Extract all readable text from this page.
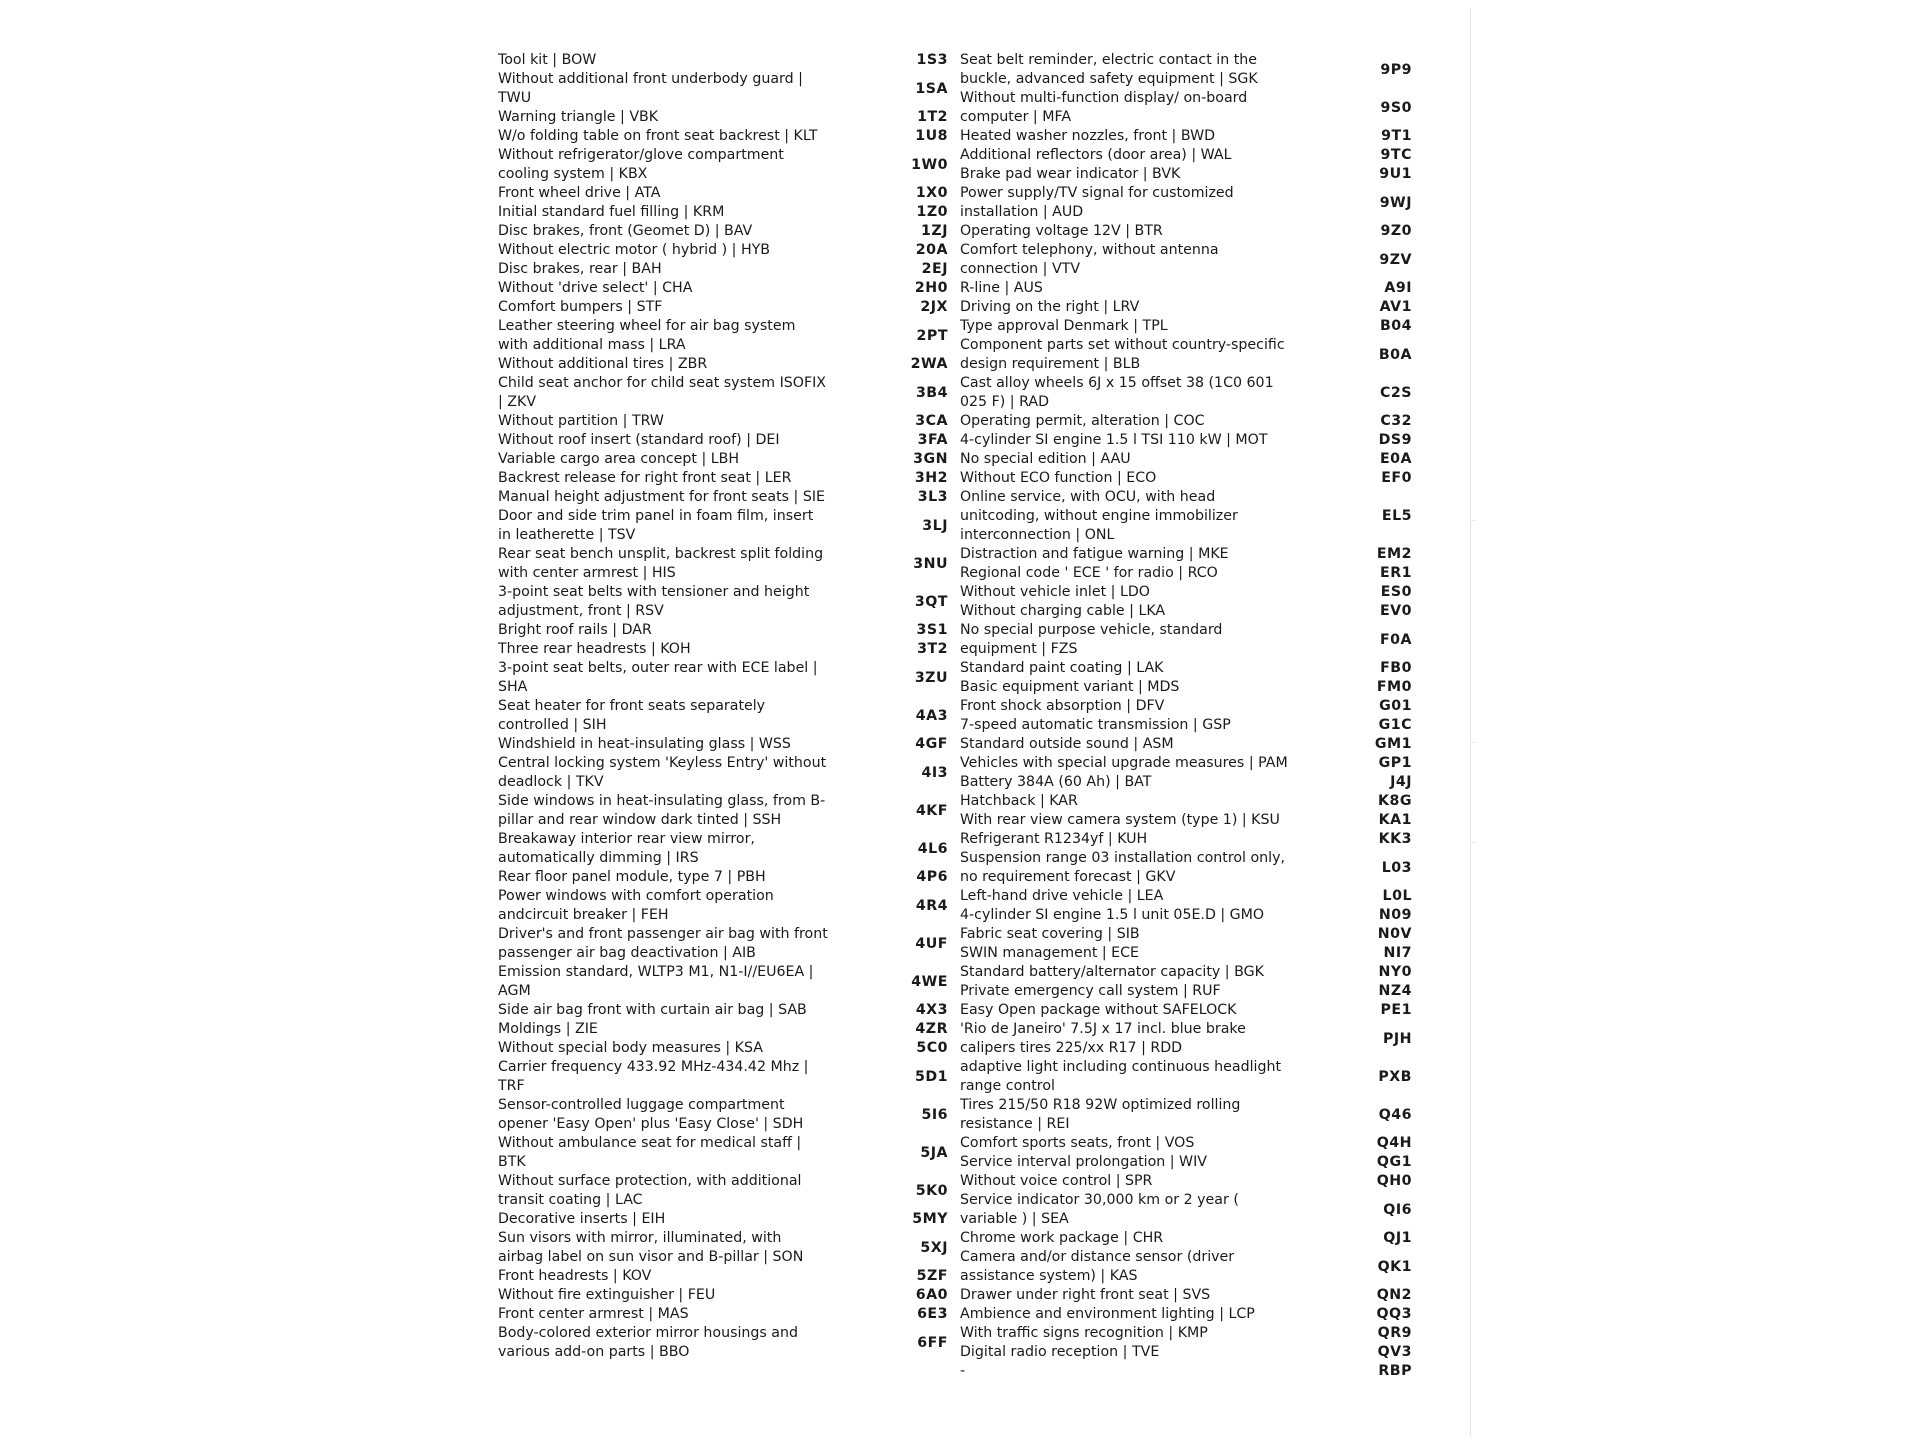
Tool kit | BOW	1S3

Without additional front underbody guard | TWU	1SA

Warning triangle | VBK	1T2

W/o folding table on front seat backrest | KLT	1U8

Without refrigerator/glove compartment cooling system | KBX	1W0

Front wheel drive | ATA	1X0

Initial standard fuel filling | KRM	1Z0

Disc brakes, front (Geomet D) | BAV	1ZJ

Without electric motor ( hybrid ) | HYB	20A

Disc brakes, rear | BAH	2EJ

Without 'drive select' | CHA	2H0

Comfort bumpers | STF	2JX

Leather steering wheel for air bag system with additional mass | LRA	2PT

Without additional tires | ZBR	2WA

Child seat anchor for child seat system ISOFIX | ZKV	3B4

Without partition | TRW	3CA

Without roof insert (standard roof) | DEI	3FA

Variable cargo area concept | LBH	3GN

Backrest release for right front seat | LER	3H2

Manual height adjustment for front seats | SIE	3L3

Door and side trim panel in foam film, insert in leatherette | TSV	3LJ

Rear seat bench unsplit, backrest split folding with center armrest | HIS	3NU

3-point seat belts with tensioner and height adjustment, front | RSV	3QT

Bright roof rails | DAR	3S1

Three rear headrests | KOH	3T2

3-point seat belts, outer rear with ECE label | SHA	3ZU

Seat heater for front seats separately controlled | SIH	4A3

Windshield in heat-insulating glass | WSS	4GF

Central locking system 'Keyless Entry' without deadlock | TKV	4I3

Side windows in heat-insulating glass, from B-pillar and rear window dark tinted | SSH	4KF

Breakaway interior rear view mirror, automatically dimming | IRS	4L6

Rear floor panel module, type 7 | PBH	4P6

Power windows with comfort operation andcircuit breaker | FEH	4R4

Driver's and front passenger air bag with front passenger air bag deactivation | AIB	4UF

Emission standard, WLTP3 M1, N1-I//EU6EA | AGM	4WE

Side air bag front with curtain air bag | SAB	4X3

Moldings | ZIE	4ZR

Without special body measures | KSA	5C0

Carrier frequency 433.92 MHz-434.42 Mhz | TRF	5D1

Sensor-controlled luggage compartment opener 'Easy Open' plus 'Easy Close' | SDH	5I6

Without ambulance seat for medical staff | BTK	5JA

Without surface protection, with additional transit coating | LAC	5K0

Decorative inserts | EIH	5MY

Sun visors with mirror, illuminated, with airbag label on sun visor and B-pillar | SON	5XJ

Front headrests | KOV	5ZF

Without fire extinguisher | FEU	6A0

Front center armrest | MAS	6E3

Body-colored exterior mirror housings and various add-on parts | BBO	6FF
Seat belt reminder, electric contact in the buckle, advanced safety equipment | SGK	9P9

Without multi-function display/ on-board computer | MFA	9S0

Heated washer nozzles, front | BWD	9T1

Additional reflectors (door area) | WAL	9TC

Brake pad wear indicator | BVK	9U1

Power supply/TV signal for customized installation | AUD	9WJ

Operating voltage 12V | BTR	9Z0

Comfort telephony, without antenna connection | VTV	9ZV

R-line | AUS	A9I

Driving on the right | LRV	AV1

Type approval Denmark | TPL	B04

Component parts set without country-specific design requirement | BLB	B0A

Cast alloy wheels 6J x 15 offset 38 (1C0 601 025 F) | RAD	C2S

Operating permit, alteration | COC	C32

4-cylinder SI engine 1.5 l TSI 110 kW | MOT	DS9

No special edition | AAU	E0A

Without ECO function | ECO	EF0

Online service, with OCU, with head unitcoding, without engine immobilizer interconnection | ONL	EL5

Distraction and fatigue warning | MKE	EM2

Regional code ' ECE ' for radio | RCO	ER1

Without vehicle inlet | LDO	ES0

Without charging cable | LKA	EV0

No special purpose vehicle, standard equipment | FZS	F0A

Standard paint coating | LAK	FB0

Basic equipment variant | MDS	FM0

Front shock absorption | DFV	G01

7-speed automatic transmission | GSP	G1C

Standard outside sound | ASM	GM1

Vehicles with special upgrade measures | PAM	GP1

Battery 384A (60 Ah) | BAT	J4J

Hatchback | KAR	K8G

With rear view camera system (type 1) | KSU	KA1

Refrigerant R1234yf | KUH	KK3

Suspension range 03 installation control only, no requirement forecast | GKV	L03

Left-hand drive vehicle | LEA	L0L

4-cylinder SI engine 1.5 l unit 05E.D | GMO	N09

Fabric seat covering | SIB	N0V

SWIN management | ECE	NI7

Standard battery/alternator capacity | BGK	NY0

Private emergency call system | RUF	NZ4

Easy Open package without SAFELOCK	PE1

'Rio de Janeiro' 7.5J x 17 incl. blue brake calipers tires 225/xx R17 | RDD	PJH

adaptive light including continuous headlight range control	PXB

Tires 215/50 R18 92W optimized rolling resistance | REI	Q46

Comfort sports seats, front | VOS	Q4H

Service interval prolongation | WIV	QG1

Without voice control | SPR	QH0

Service indicator 30,000 km or 2 year ( variable ) | SEA	QI6

Chrome work package | CHR	QJ1

Camera and/or distance sensor (driver assistance system) | KAS	QK1

Drawer under right front seat | SVS	QN2

Ambience and environment lighting | LCP	QQ3

With traffic signs recognition | KMP	QR9

Digital radio reception | TVE	QV3

-	RBP
